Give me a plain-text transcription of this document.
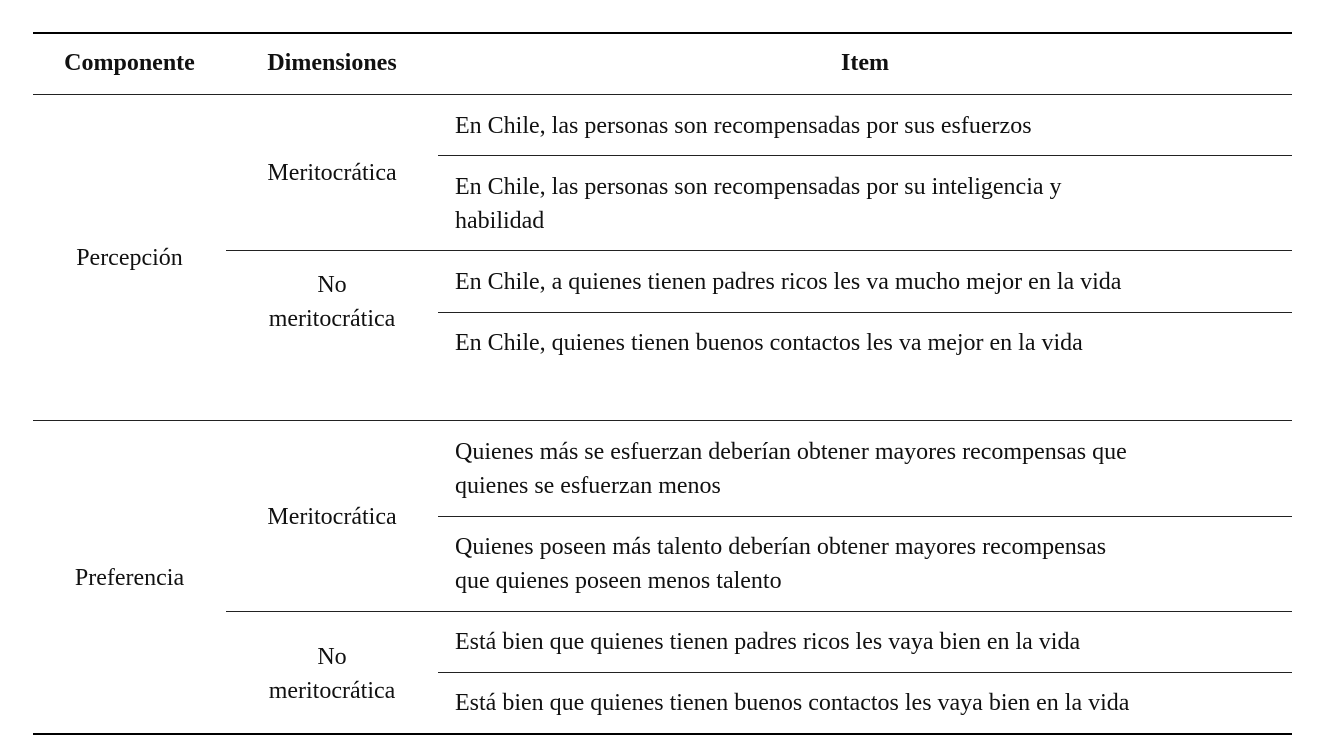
Componente	Dimensiones	Item
Percepción
Meritocrática
No
meritocrática
En Chile, las personas son recompensadas por sus esfuerzos
En Chile, las personas son recompensadas por su inteligencia y
habilidad
En Chile, a quienes tienen padres ricos les va mucho mejor en la vida
En Chile, quienes tienen buenos contactos les va mejor en la vida
Preferencia
Meritocrática
No
meritocrática
Quienes más se esfuerzan deberían obtener mayores recompensas que
quienes se esfuerzan menos
Quienes poseen más talento deberían obtener mayores recompensas
que quienes poseen menos talento
Está bien que quienes tienen padres ricos les vaya bien en la vida
Está bien que quienes tienen buenos contactos les vaya bien en la vida
